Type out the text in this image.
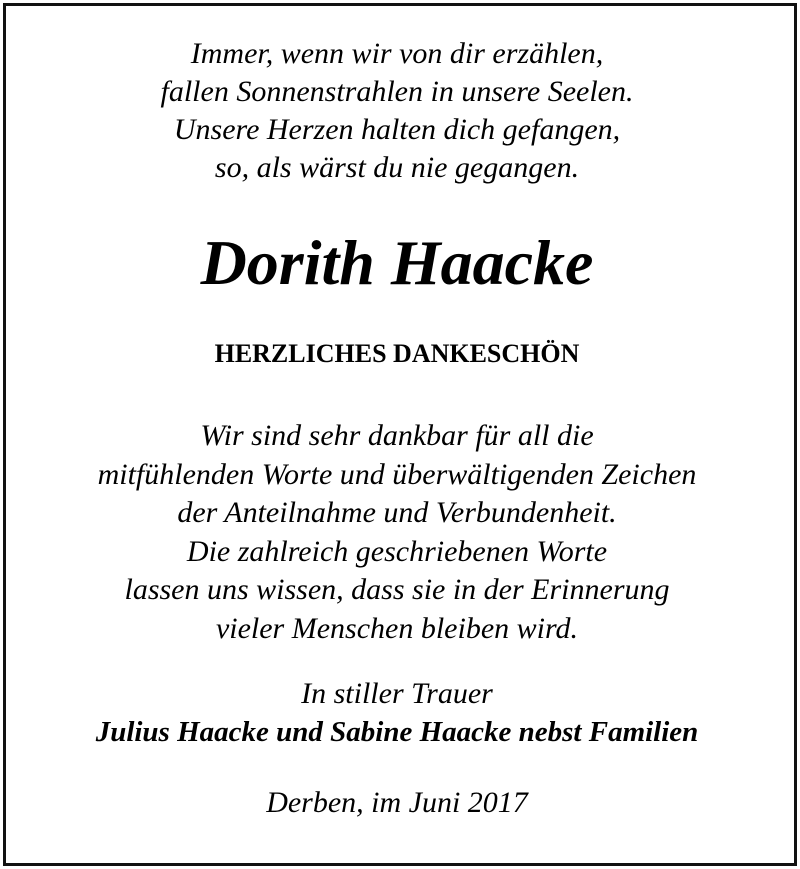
Immer, wenn wir von dir erzählen,
fallen Sonnenstrahlen in unsere Seelen.
Unsere Herzen halten dich gefangen,
so, als wärst du nie gegangen.
Dorith Haacke
HERZLICHES DANKESCHÖN
Wir sind sehr dankbar für all die
mitfühlenden Worte und überwältigenden Zeichen
der Anteilnahme und Verbundenheit.
Die zahlreich geschriebenen Worte
lassen uns wissen, dass sie in der Erinnerung
vieler Menschen bleiben wird.
In stiller Trauer
Julius Haacke und Sabine Haacke nebst Familien
Derben, im Juni 2017
